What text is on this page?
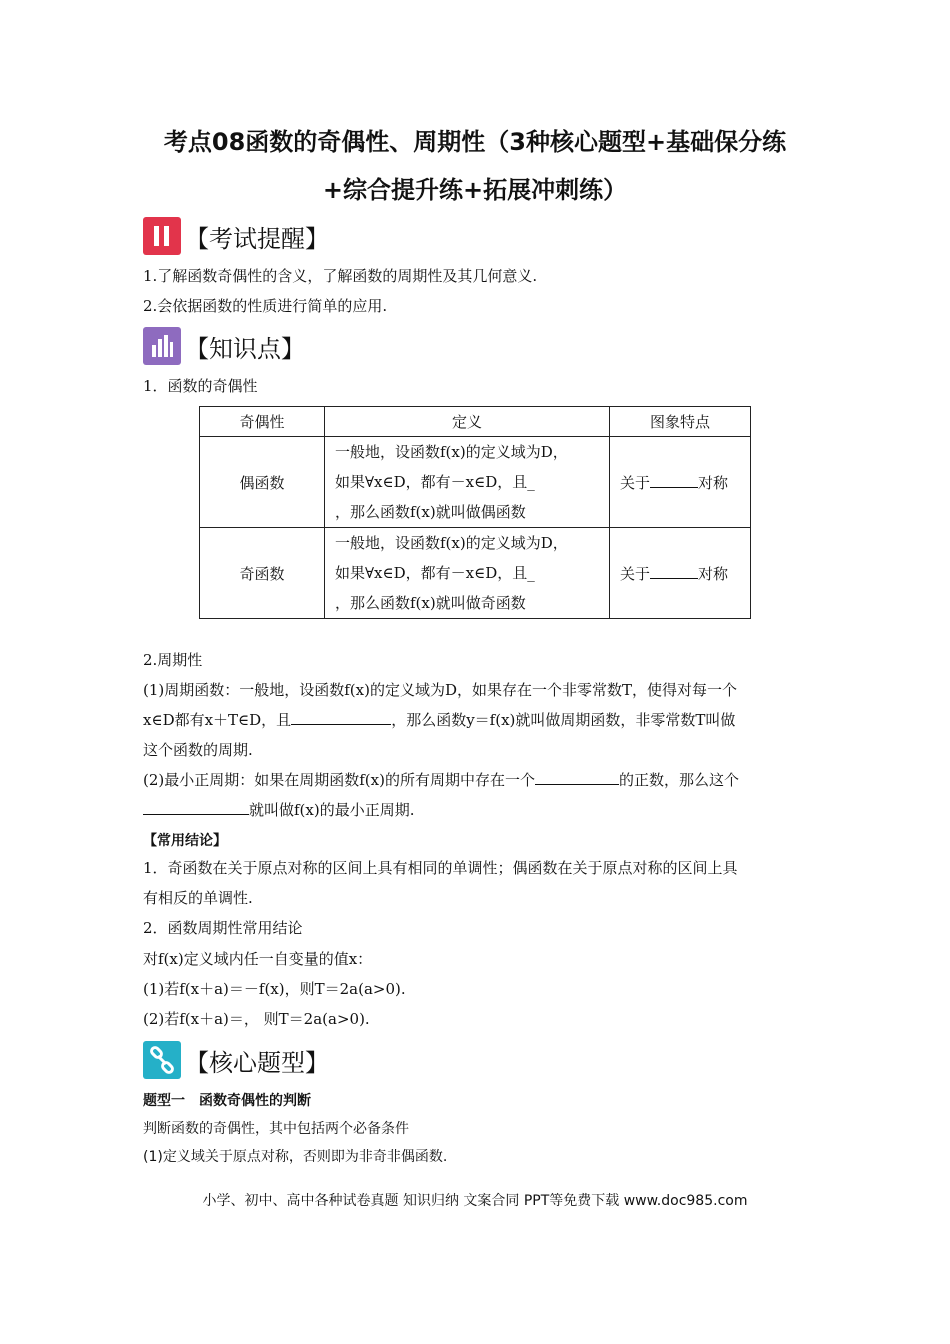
考点08函数的奇偶性、周期性（3种核心题型+基础保分练
+综合提升练+拓展冲刺练）
【考试提醒】
1.了解函数奇偶性的含义，了解函数的周期性及其几何意义.
2.会依据函数的性质进行简单的应用.
【知识点】
1．函数的奇偶性
奇偶性	定义	图象特点
偶函数	一般地，设函数f(x)的定义域为D，
如果∀x∈D，都有－x∈D，且_
，那么函数f(x)就叫做偶函数	关于 对称
奇函数	一般地，设函数f(x)的定义域为D，
如果∀x∈D，都有－x∈D，且_
，那么函数f(x)就叫做奇函数	关于 对称
2.周期性
(1)周期函数：一般地，设函数f(x)的定义域为D，如果存在一个非零常数T，使得对每一个
x∈D都有x＋T∈D，且	，那么函数y＝f(x)就叫做周期函数，非零常数T叫做
这个函数的周期.
(2)最小正周期：如果在周期函数f(x)的所有周期中存在一个	的正数，那么这个
就叫做f(x)的最小正周期.
【常用结论】
1．奇函数在关于原点对称的区间上具有相同的单调性；偶函数在关于原点对称的区间上具
有相反的单调性.
2．函数周期性常用结论
对f(x)定义域内任一自变量的值x：
(1)若f(x＋a)＝－f(x)，则T＝2a(a>0).
(2)若f(x＋a)＝， 则T＝2a(a>0).
【核心题型】
题型一　函数奇偶性的判断
判断函数的奇偶性，其中包括两个必备条件
(1)定义域关于原点对称，否则即为非奇非偶函数.
小学、初中、高中各种试卷真题 知识归纳 文案合同 PPT等免费下载 www.doc985.com
